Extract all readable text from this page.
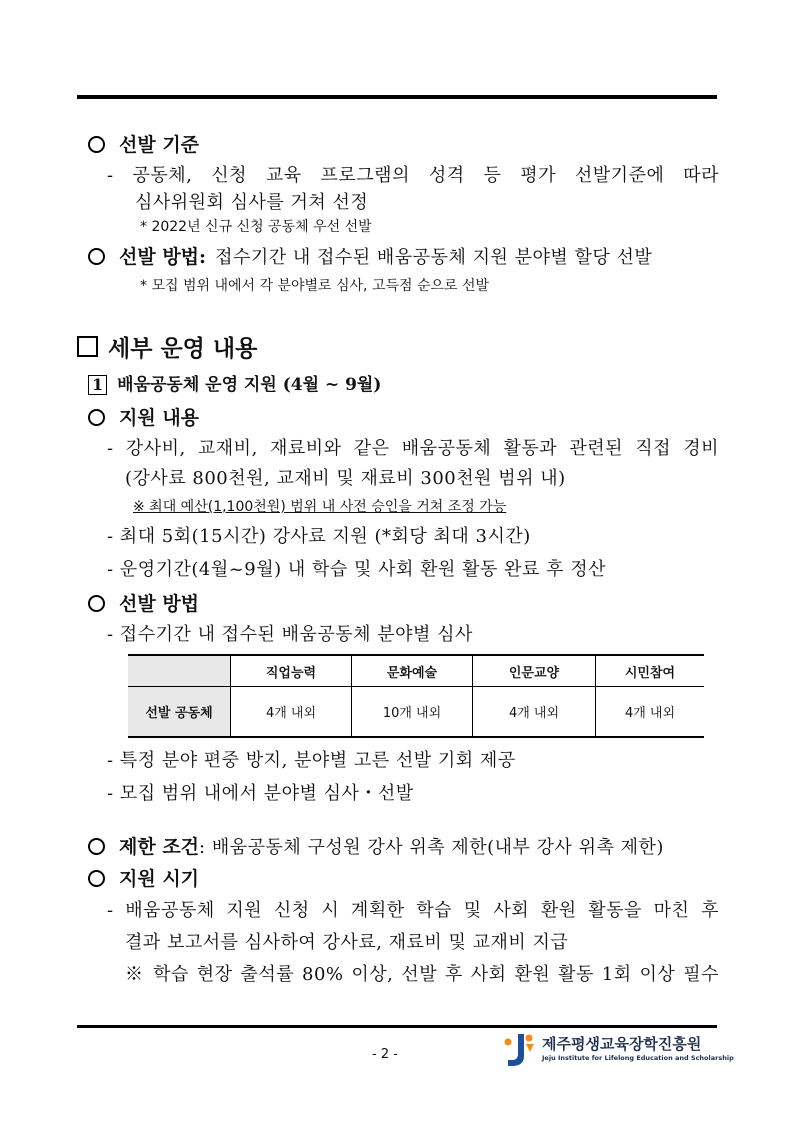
선발 기준
- 공동체, 신청 교육 프로그램의 성격 등 평가 선발기준에 따라
심사위원회 심사를 거쳐 선정
* 2022년 신규 신청 공동체 우선 선발
선발 방법: 접수기간 내 접수된 배움공동체 지원 분야별 할당 선발
* 모집 범위 내에서 각 분야별로 심사, 고득점 순으로 선발
세부 운영 내용
1 배움공동체 운영 지원 (4월 ~ 9월)
지원 내용
- 강사비, 교재비, 재료비와 같은 배움공동체 활동과 관련된 직접 경비
(강사료 800천원, 교재비 및 재료비 300천원 범위 내)
※ 최대 예산(1,100천원) 범위 내 사전 승인을 거쳐 조정 가능
- 최대 5회(15시간) 강사료 지원 (*회당 최대 3시간)
- 운영기간(4월~9월) 내 학습 및 사회 환원 활동 완료 후 정산
선발 방법
- 접수기간 내 접수된 배움공동체 분야별 심사
	직업능력	문화예술	인문교양	시민참여
선발 공동체	4개 내외	10개 내외	4개 내외	4개 내외
- 특정 분야 편중 방지, 분야별 고른 선발 기회 제공
- 모집 범위 내에서 분야별 심사・선발
제한 조건: 배움공동체 구성원 강사 위촉 제한(내부 강사 위촉 제한)
지원 시기
- 배움공동체 지원 신청 시 계획한 학습 및 사회 환원 활동을 마친 후
결과 보고서를 심사하여 강사료, 재료비 및 교재비 지급
※ 학습 현장 출석률 80% 이상, 선발 후 사회 환원 활동 1회 이상 필수
- 2 -
제주평생교육장학진흥원
Jeju Institute for Lifelong Education and Scholarship
